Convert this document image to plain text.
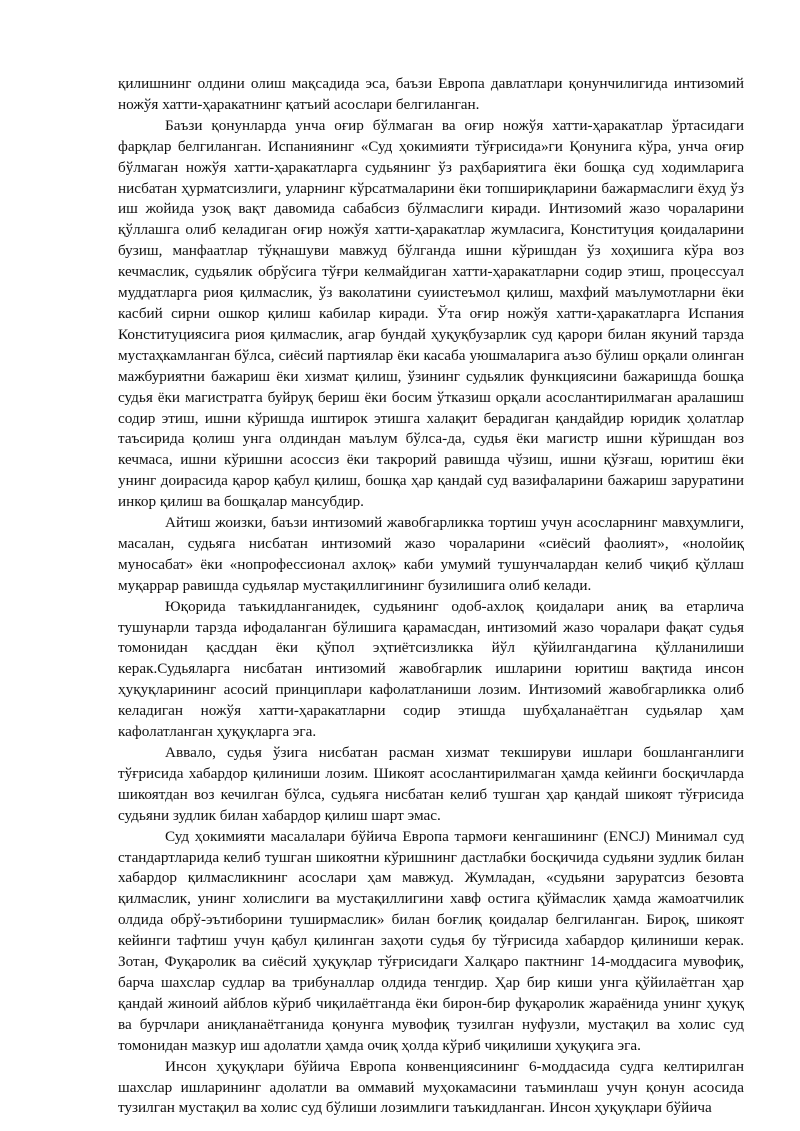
қилишнинг олдини олиш мақсадида эса, баъзи Европа давлатлари қонунчилигида интизомий ножўя хатти-ҳаракатнинг қатъий асослари белгиланган.

Баъзи қонунларда унча оғир бўлмаган ва оғир ножўя хатти-ҳаракатлар ўртасидаги фарқлар белгиланган. Испаниянинг «Суд ҳокимияти тўғрисида»ги Қонунига кўра, унча оғир бўлмаган ножўя хатти-ҳаракатларга судьянинг ўз раҳбариятига ёки бошқа суд ходимларига нисбатан ҳурматсизлиги, уларнинг кўрсатмаларини ёки топшириқларини бажармаслиги ёхуд ўз иш жойида узоқ вақт давомида сабабсиз бўлмаслиги киради. Интизомий жазо чораларини қўллашга олиб келадиган оғир ножўя хатти-ҳаракатлар жумласига, Конституция қоидаларини бузиш, манфаатлар тўқнашуви мавжуд бўлганда ишни кўришдан ўз хоҳишига кўра воз кечмаслик, судьялик обрўсига тўғри келмайдиган хатти-ҳаракатларни содир этиш, процессуал муддатларга риоя қилмаслик, ўз ваколатини суиистеъмол қилиш, махфий маълумотларни ёки касбий сирни ошкор қилиш кабилар киради. Ўта оғир ножўя хатти-ҳаракатларга Испания Конституциясига риоя қилмаслик, агар бундай ҳуқуқбузарлик суд қарори билан якуний тарзда мустаҳкамланган бўлса, сиёсий партиялар ёки касаба уюшмаларига аъзо бўлиш орқали олинган мажбуриятни бажариш ёки хизмат қилиш, ўзининг судьялик функциясини бажаришда бошқа судья ёки магистратга буйруқ бериш ёки босим ўтказиш орқали асослантирилмаган аралашиш содир этиш, ишни кўришда иштирок этишга халақит берадиган қандайдир юридик ҳолатлар таъсирида қолиш унга олдиндан маълум бўлса-да, судья ёки магистр ишни кўришдан воз кечмаса, ишни кўришни асоссиз ёки такрорий равишда чўзиш, ишни қўзғаш, юритиш ёки унинг доирасида қарор қабул қилиш, бошқа ҳар қандай суд вазифаларини бажариш заруратини инкор қилиш ва бошқалар мансубдир.

Айтиш жоизки, баъзи интизомий жавобгарликка тортиш учун асосларнинг мавҳумлиги, масалан, судьяга нисбатан интизомий жазо чораларини «сиёсий фаолият», «нолойиқ муносабат» ёки «нопрофессионал ахлоқ» каби умумий тушунчалардан келиб чиқиб қўллаш муқаррар равишда судьялар мустақиллигининг бузилишига олиб келади.

Юқорида таъкидланганидек, судьянинг одоб-ахлоқ қоидалари аниқ ва етарлича тушунарли тарзда ифодаланган бўлишига қарамасдан, интизомий жазо чоралари фақат судья томонидан қасддан ёки қўпол эҳтиётсизликка йўл қўйилгандагина қўлланилиши керак.Судьяларга нисбатан интизомий жавобгарлик ишларини юритиш вақтида инсон ҳуқуқларининг асосий принциплари кафолатланиши лозим. Интизомий жавобгарликка олиб келадиган ножўя хатти-ҳаракатларни содир этишда шубҳаланаётган судьялар ҳам кафолатланган ҳуқуқларга эга.

Аввало, судья ўзига нисбатан расман хизмат текшируви ишлари бошланганлиги тўғрисида хабардор қилиниши лозим. Шикоят асослантирилмаган ҳамда кейинги босқичларда шикоятдан воз кечилган бўлса, судьяга нисбатан келиб тушган ҳар қандай шикоят тўғрисида судьяни зудлик билан хабардор қилиш шарт эмас.

Суд ҳокимияти масалалари бўйича Европа тармоғи кенгашининг (ENCJ) Минимал суд стандартларида келиб тушган шикоятни кўришнинг дастлабки босқичида судьяни зудлик билан хабардор қилмасликнинг асослари ҳам мавжуд. Жумладан, «судьяни заруратсиз безовта қилмаслик, унинг холислиги ва мустақиллигини хавф остига қўймаслик ҳамда жамоатчилик олдида обрў-эътиборини туширмаслик» билан боғлиқ қоидалар белгиланган. Бироқ, шикоят кейинги тафтиш учун қабул қилинган заҳоти судья бу тўғрисида хабардор қилиниши керак. Зотан, Фуқаролик ва сиёсий ҳуқуқлар тўғрисидаги Халқаро пактнинг 14-моддасига мувофиқ, барча шахслар судлар ва трибуналлар олдида тенгдир. Ҳар бир киши унга қўйилаётган ҳар қандай жиноий айблов кўриб чиқилаётганда ёки бирон-бир фуқаролик жараёнида унинг ҳуқуқ ва бурчлари аниқланаётганида қонунга мувофиқ тузилган нуфузли, мустақил ва холис суд томонидан мазкур иш адолатли ҳамда очиқ ҳолда кўриб чиқилиши ҳуқуқига эга.

Инсон ҳуқуқлари бўйича Европа конвенциясининг 6-моддасида судга келтирилган шахслар ишларининг адолатли ва оммавий муҳокамасини таъминлаш учун қонун асосида тузилган мустақил ва холис суд бўлиши лозимлиги таъкидланган. Инсон ҳуқуқлари бўйича
